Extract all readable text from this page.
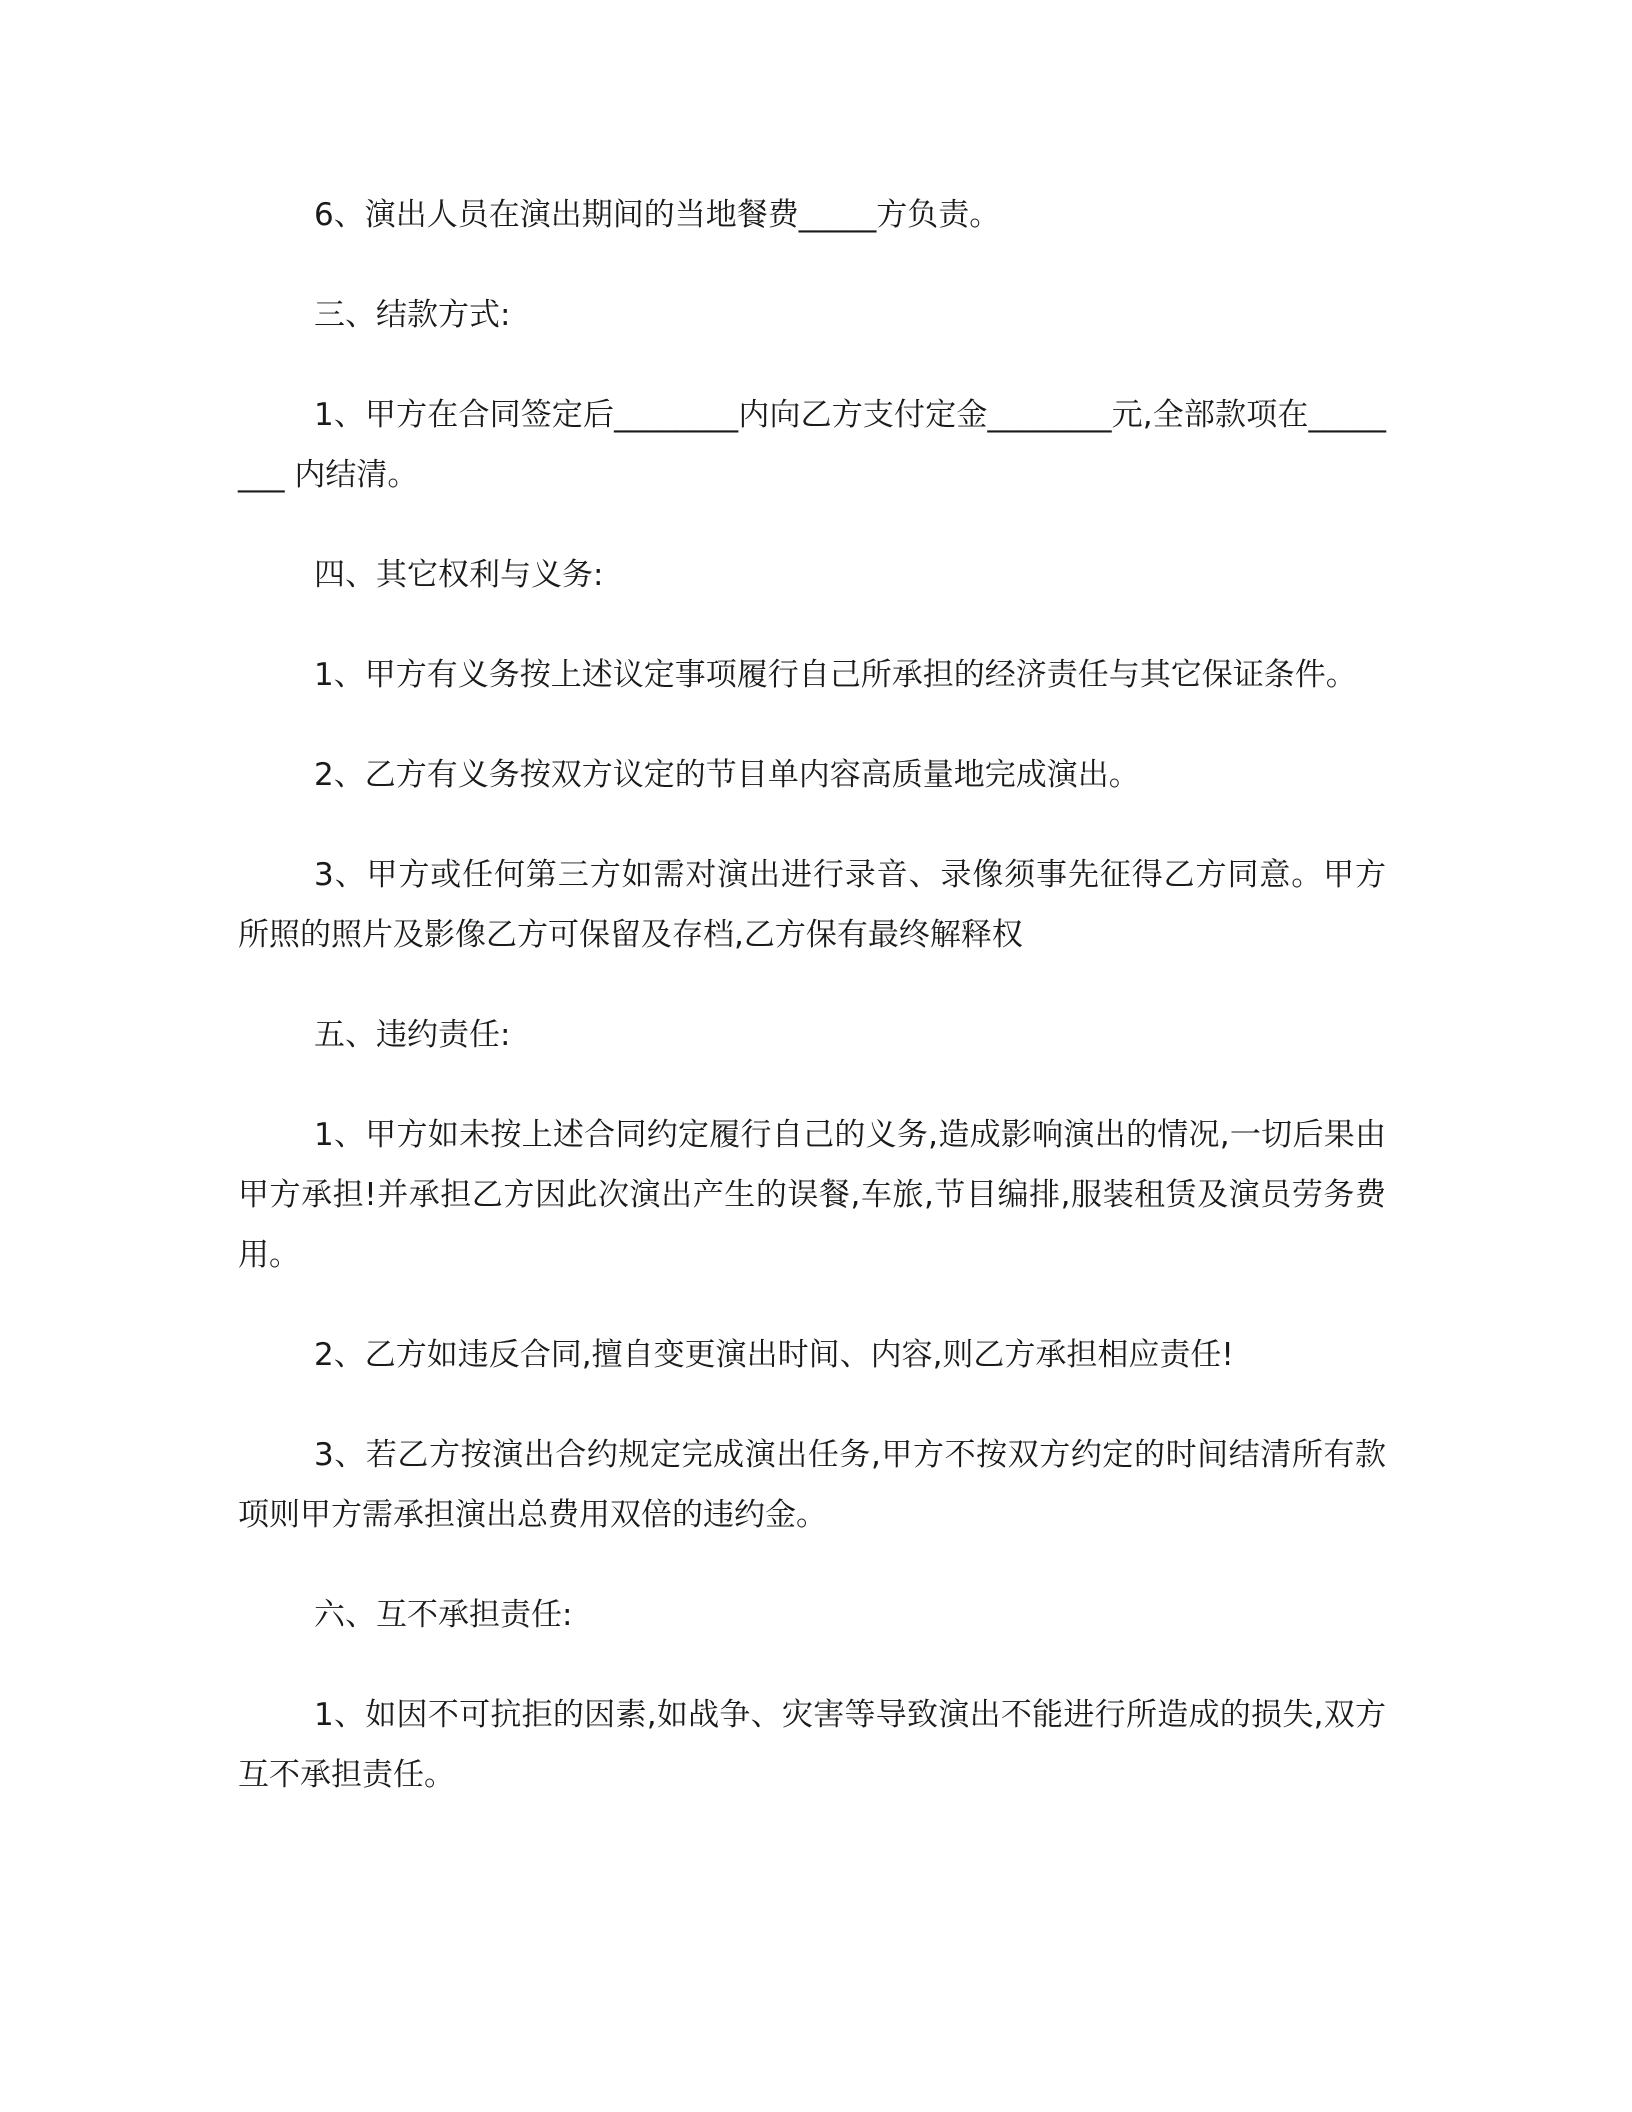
6、演出人员在演出期间的当地餐费_____方负责。

三、结款方式:

1、甲方在合同签定后________内向乙方支付定金________元,全部款项在________ 内结清。

四、其它权利与义务:

1、甲方有义务按上述议定事项履行自己所承担的经济责任与其它保证条件。

2、乙方有义务按双方议定的节目单内容高质量地完成演出。

3、甲方或任何第三方如需对演出进行录音、录像须事先征得乙方同意。甲方所照的照片及影像乙方可保留及存档,乙方保有最终解释权

五、违约责任:

1、甲方如未按上述合同约定履行自己的义务,造成影响演出的情况,一切后果由甲方承担!并承担乙方因此次演出产生的误餐,车旅,节目编排,服装租赁及演员劳务费用。

2、乙方如违反合同,擅自变更演出时间、内容,则乙方承担相应责任!

3、若乙方按演出合约规定完成演出任务,甲方不按双方约定的时间结清所有款项则甲方需承担演出总费用双倍的违约金。

六、互不承担责任:

1、如因不可抗拒的因素,如战争、灾害等导致演出不能进行所造成的损失,双方互不承担责任。
